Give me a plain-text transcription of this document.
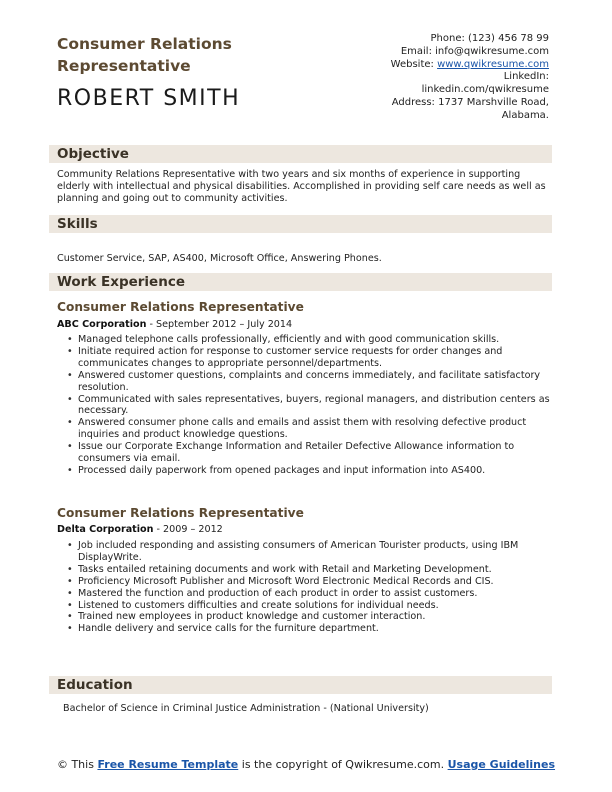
Consumer Relations Representative
ROBERT SMITH
Phone: (123) 456 78 99
Email: info@qwikresume.com
Website: www.qwikresume.com
LinkedIn:
linkedin.com/qwikresume
Address: 1737 Marshville Road,
Alabama.
Objective
Community Relations Representative with two years and six months of experience in supporting elderly with intellectual and physical disabilities. Accomplished in providing self care needs as well as planning and going out to community activities.
Skills
Customer Service, SAP, AS400, Microsoft Office, Answering Phones.
Work Experience
Consumer Relations Representative
ABC Corporation - September 2012 – July 2014
• Managed telephone calls professionally, efficiently and with good communication skills.
• Initiate required action for response to customer service requests for order changes and communicates changes to appropriate personnel/departments.
• Answered customer questions, complaints and concerns immediately, and facilitate satisfactory resolution.
• Communicated with sales representatives, buyers, regional managers, and distribution centers as necessary.
• Answered consumer phone calls and emails and assist them with resolving defective product inquiries and product knowledge questions.
• Issue our Corporate Exchange Information and Retailer Defective Allowance information to consumers via email.
• Processed daily paperwork from opened packages and input information into AS400.
Consumer Relations Representative
Delta Corporation - 2009 – 2012
• Job included responding and assisting consumers of American Tourister products, using IBM DisplayWrite.
• Tasks entailed retaining documents and work with Retail and Marketing Development.
• Proficiency Microsoft Publisher and Microsoft Word Electronic Medical Records and CIS.
• Mastered the function and production of each product in order to assist customers.
• Listened to customers difficulties and create solutions for individual needs.
• Trained new employees in product knowledge and customer interaction.
• Handle delivery and service calls for the furniture department.
Education
Bachelor of Science in Criminal Justice Administration - (National University)
© This Free Resume Template is the copyright of Qwikresume.com. Usage Guidelines
